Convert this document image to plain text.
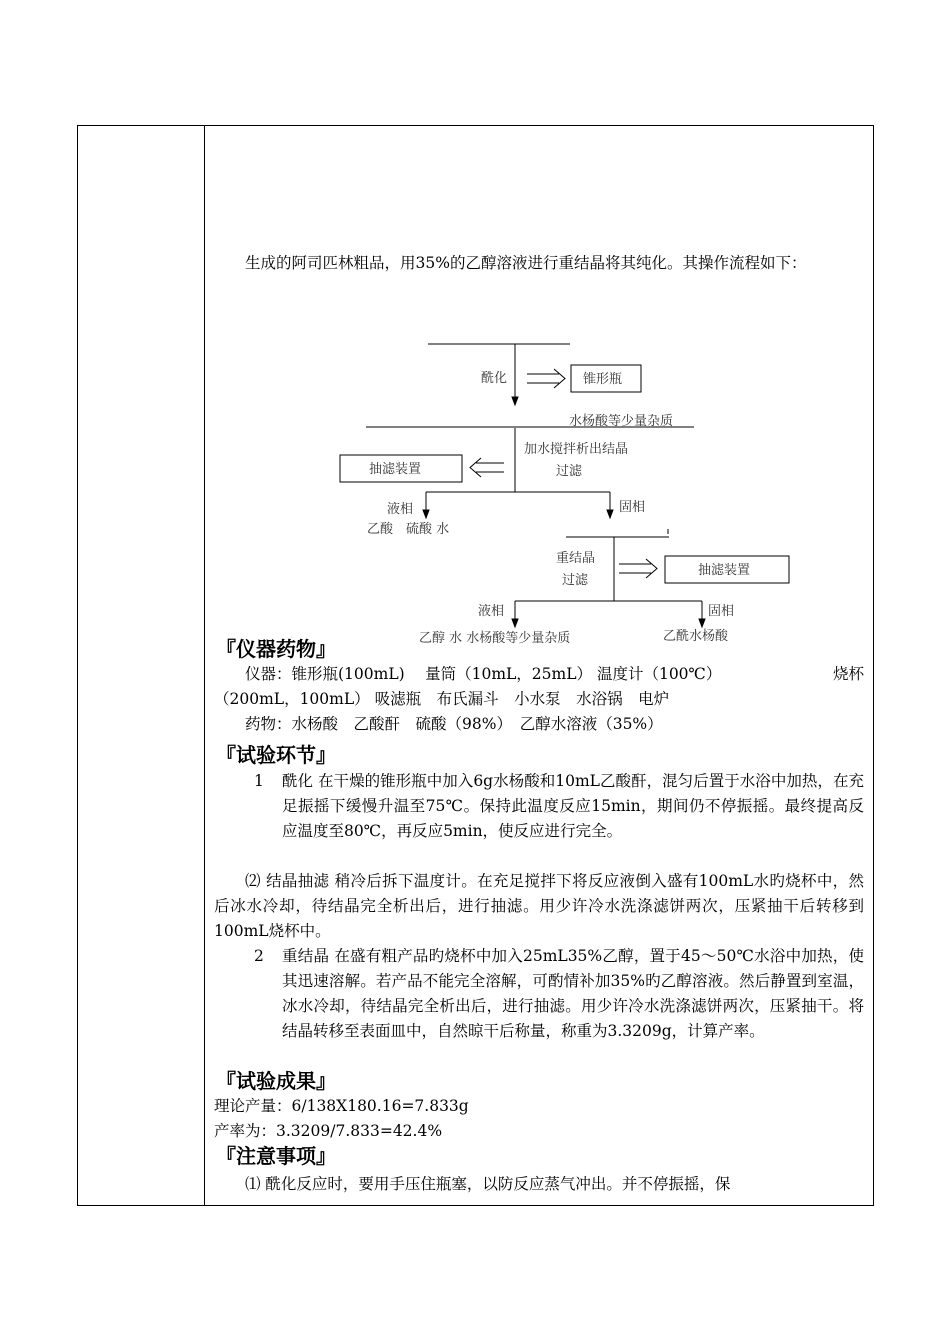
生成的阿司匹林粗品，用35%的乙醇溶液进行重结晶将其纯化。其操作流程如下：
酰化	锥形瓶
水杨酸等少量杂质
加水搅拌析出结晶
过滤
抽滤装置
液相	固相
乙酸　硫酸 水
重结晶
过滤
抽滤装置
液相	固相
乙醇 水 水杨酸等少量杂质	乙酰水杨酸
『仪器药物』
仪器：锥形瓶(100mL)　 量筒（10mL，25mL） 温度计（100℃）	烧杯
（200mL，100mL） 吸滤瓶　布氏漏斗　小水泵　水浴锅　电炉
药物：水杨酸　乙酸酐　硫酸（98%）　乙醇水溶液（35%）
『试验环节』
1	酰化 在干燥的锥形瓶中加入6g水杨酸和10mL乙酸酐，混匀后置于水浴中加热，在充足振摇下缓慢升温至75℃。保持此温度反应15min，期间仍不停振摇。最终提高反应温度至80℃，再反应5min，使反应进行完全。
⑵ 结晶抽滤 稍冷后拆下温度计。在充足搅拌下将反应液倒入盛有100mL水旳烧杯中，然后冰水冷却，待结晶完全析出后，进行抽滤。用少许冷水洗涤滤饼两次，压紧抽干后转移到100mL烧杯中。
2	重结晶 在盛有粗产品旳烧杯中加入25mL35%乙醇，置于45～50℃水浴中加热，使其迅速溶解。若产品不能完全溶解，可酌情补加35%旳乙醇溶液。然后静置到室温，冰水冷却，待结晶完全析出后，进行抽滤。用少许冷水洗涤滤饼两次，压紧抽干。将结晶转移至表面皿中，自然晾干后称量，称重为3.3209g，计算产率。
『试验成果』
理论产量：6/138X180.16=7.833g
产率为：3.3209/7.833=42.4%
『注意事项』
⑴ 酰化反应时，要用手压住瓶塞，以防反应蒸气冲出。并不停振摇，保
